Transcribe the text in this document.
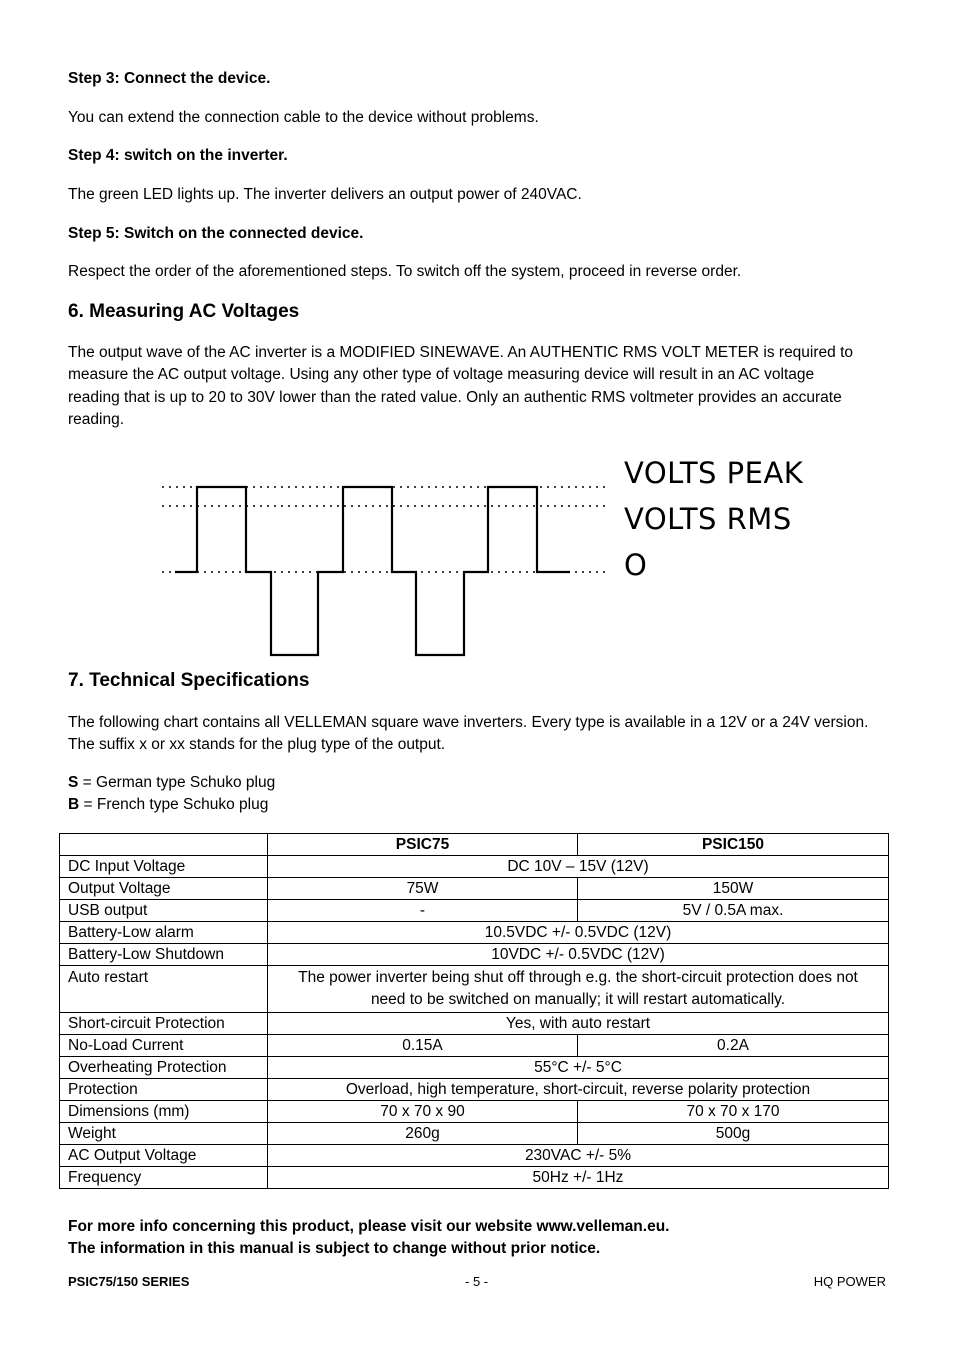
Step 3: Connect the device.
You can extend the connection cable to the device without problems.
Step 4: switch on the inverter.
The green LED lights up. The inverter delivers an output power of 240VAC.
Step 5: Switch on the connected device.
Respect the order of the aforementioned steps. To switch off the system, proceed in reverse order.
6. Measuring AC Voltages
The output wave of the AC inverter is a MODIFIED SINEWAVE. An AUTHENTIC RMS VOLT METER is required to
measure the AC output voltage. Using any other type of voltage measuring device will result in an AC voltage
reading that is up to 20 to 30V lower than the rated value. Only an authentic RMS voltmeter provides an accurate
reading.
7. Technical Specifications
The following chart contains all VELLEMAN square wave inverters. Every type is available in a 12V or a 24V version.
The suffix x or xx stands for the plug type of the output.
S = German type Schuko plug
B = French type Schuko plug
For more info concerning this product, please visit our website www.velleman.eu.
The information in this manual is subject to change without prior notice.
VOLTS PEAK
VOLTS RMS
O
	PSIC75	PSIC150
DC Input Voltage	DC 10V – 15V (12V)	
Output Voltage	75W	150W
USB output	-	5V / 0.5A max.
Battery-Low alarm	10.5VDC +/- 0.5VDC (12V)	
Battery-Low Shutdown	10VDC +/- 0.5VDC (12V)	
Auto restart	The power inverter being shut off through e.g. the short-circuit protection does not
need to be switched on manually; it will restart automatically.	

Short-circuit Protection	Yes, with auto restart	
No-Load Current	0.15A	0.2A
Overheating Protection	55°C +/- 5°C	
Protection	Overload, high temperature, short-circuit, reverse polarity protection	
Dimensions (mm)	70 x 70 x 90	70 x 70 x 170
Weight	260g	500g
AC Output Voltage	230VAC +/- 5%	
Frequency	50Hz +/- 1Hz	
PSIC75/150 SERIES	- 5 -	HQ POWER
